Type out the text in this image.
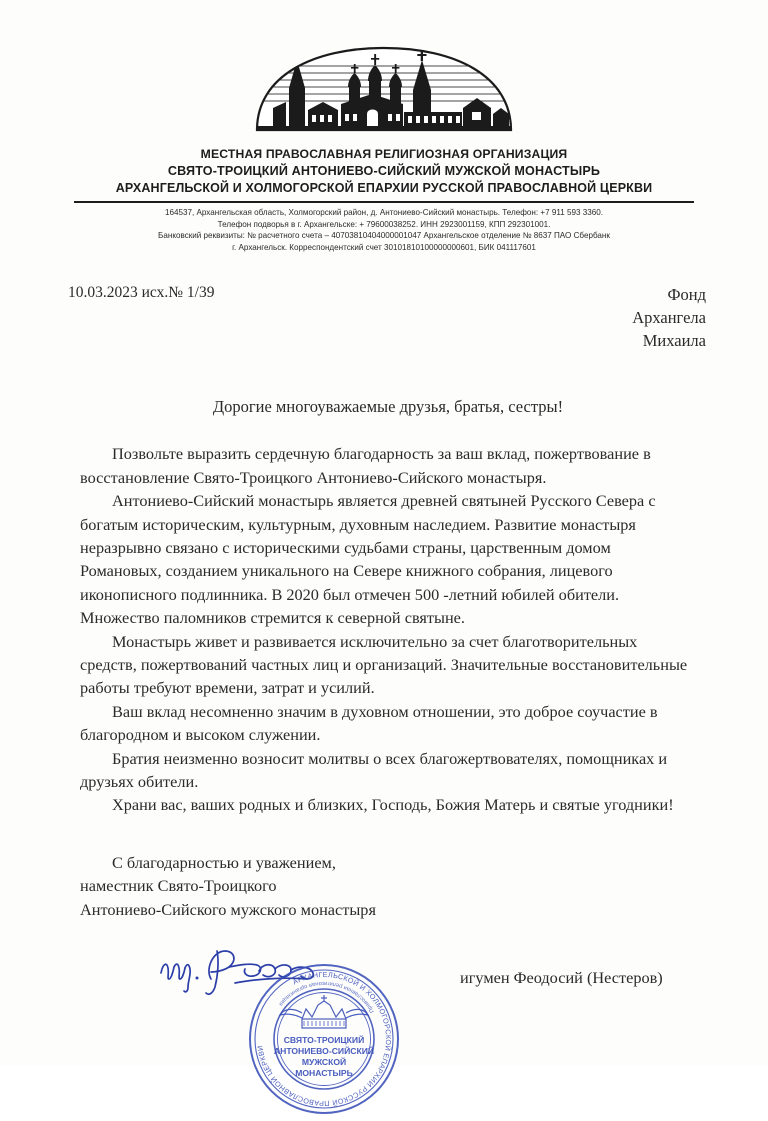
МЕСТНАЯ ПРАВОСЛАВНАЯ РЕЛИГИОЗНАЯ ОРГАНИЗАЦИЯ
СВЯТО-ТРОИЦКИЙ АНТОНИЕВО-СИЙСКИЙ МУЖСКОЙ МОНАСТЫРЬ
АРХАНГЕЛЬСКОЙ И ХОЛМОГОРСКОЙ ЕПАРХИИ РУССКОЙ ПРАВОСЛАВНОЙ ЦЕРКВИ
164537, Архангельская область, Холмогорский район, д. Антониево-Сийский монастырь. Телефон: +7 911 593 3360.
Телефон подворья в г. Архангельске: + 79600038252. ИНН 2923001159, КПП 292301001.
Банковский реквизиты: № расчетного счета – 40703810404000001047 Архангельское отделение № 8637 ПАО Сбербанк
г. Архангельск. Корреспондентский счет 30101810100000000601, БИК 041117601
10.03.2023 исх.№ 1/39	Фонд
Архангела
Михаила
Дорогие многоуважаемые друзья, братья, сестры!

Позвольте выразить сердечную благодарность за ваш вклад, пожертвование в восстановление Свято-Троицкого Антониево-Сийского монастыря.

Антониево-Сийский монастырь является древней святыней Русского Севера с богатым историческим, культурным, духовным наследием. Развитие монастыря неразрывно связано с историческими судьбами страны, царственным домом Романовых, созданием уникального на Севере книжного собрания, лицевого иконописного подлинника. В 2020 был отмечен 500 -летний юбилей обители. Множество паломников стремится к северной святыне.

Монастырь живет и развивается исключительно за счет благотворительных средств, пожертвований частных лиц и организаций. Значительные восстановительные работы требуют времени, затрат и усилий.

Ваш вклад несомненно значим в духовном отношении, это доброе соучастие в благородном и высоком служении.

Братия неизменно возносит молитвы о всех благожертвователях, помощниках и друзьях обители.

Храни вас, ваших родных и близких, Господь, Божия Матерь и святые угодники!

С благодарностью и уважением,
наместник Свято-Троицкого
Антониево-Сийского мужского монастыря
АРХАНГЕЛЬСКОЙ И ХОЛМОГОРСКОЙ ЕПАРХИИ РУССКОЙ ПРАВОСЛАВНОЙ ЦЕРКВИ
Православная религиозная организация
СВЯТО-ТРОИЦКИЙ
АНТОНИЕВО-СИЙСКИЙ
МУЖСКОЙ
МОНАСТЫРЬ
игумен Феодосий (Нестеров)
